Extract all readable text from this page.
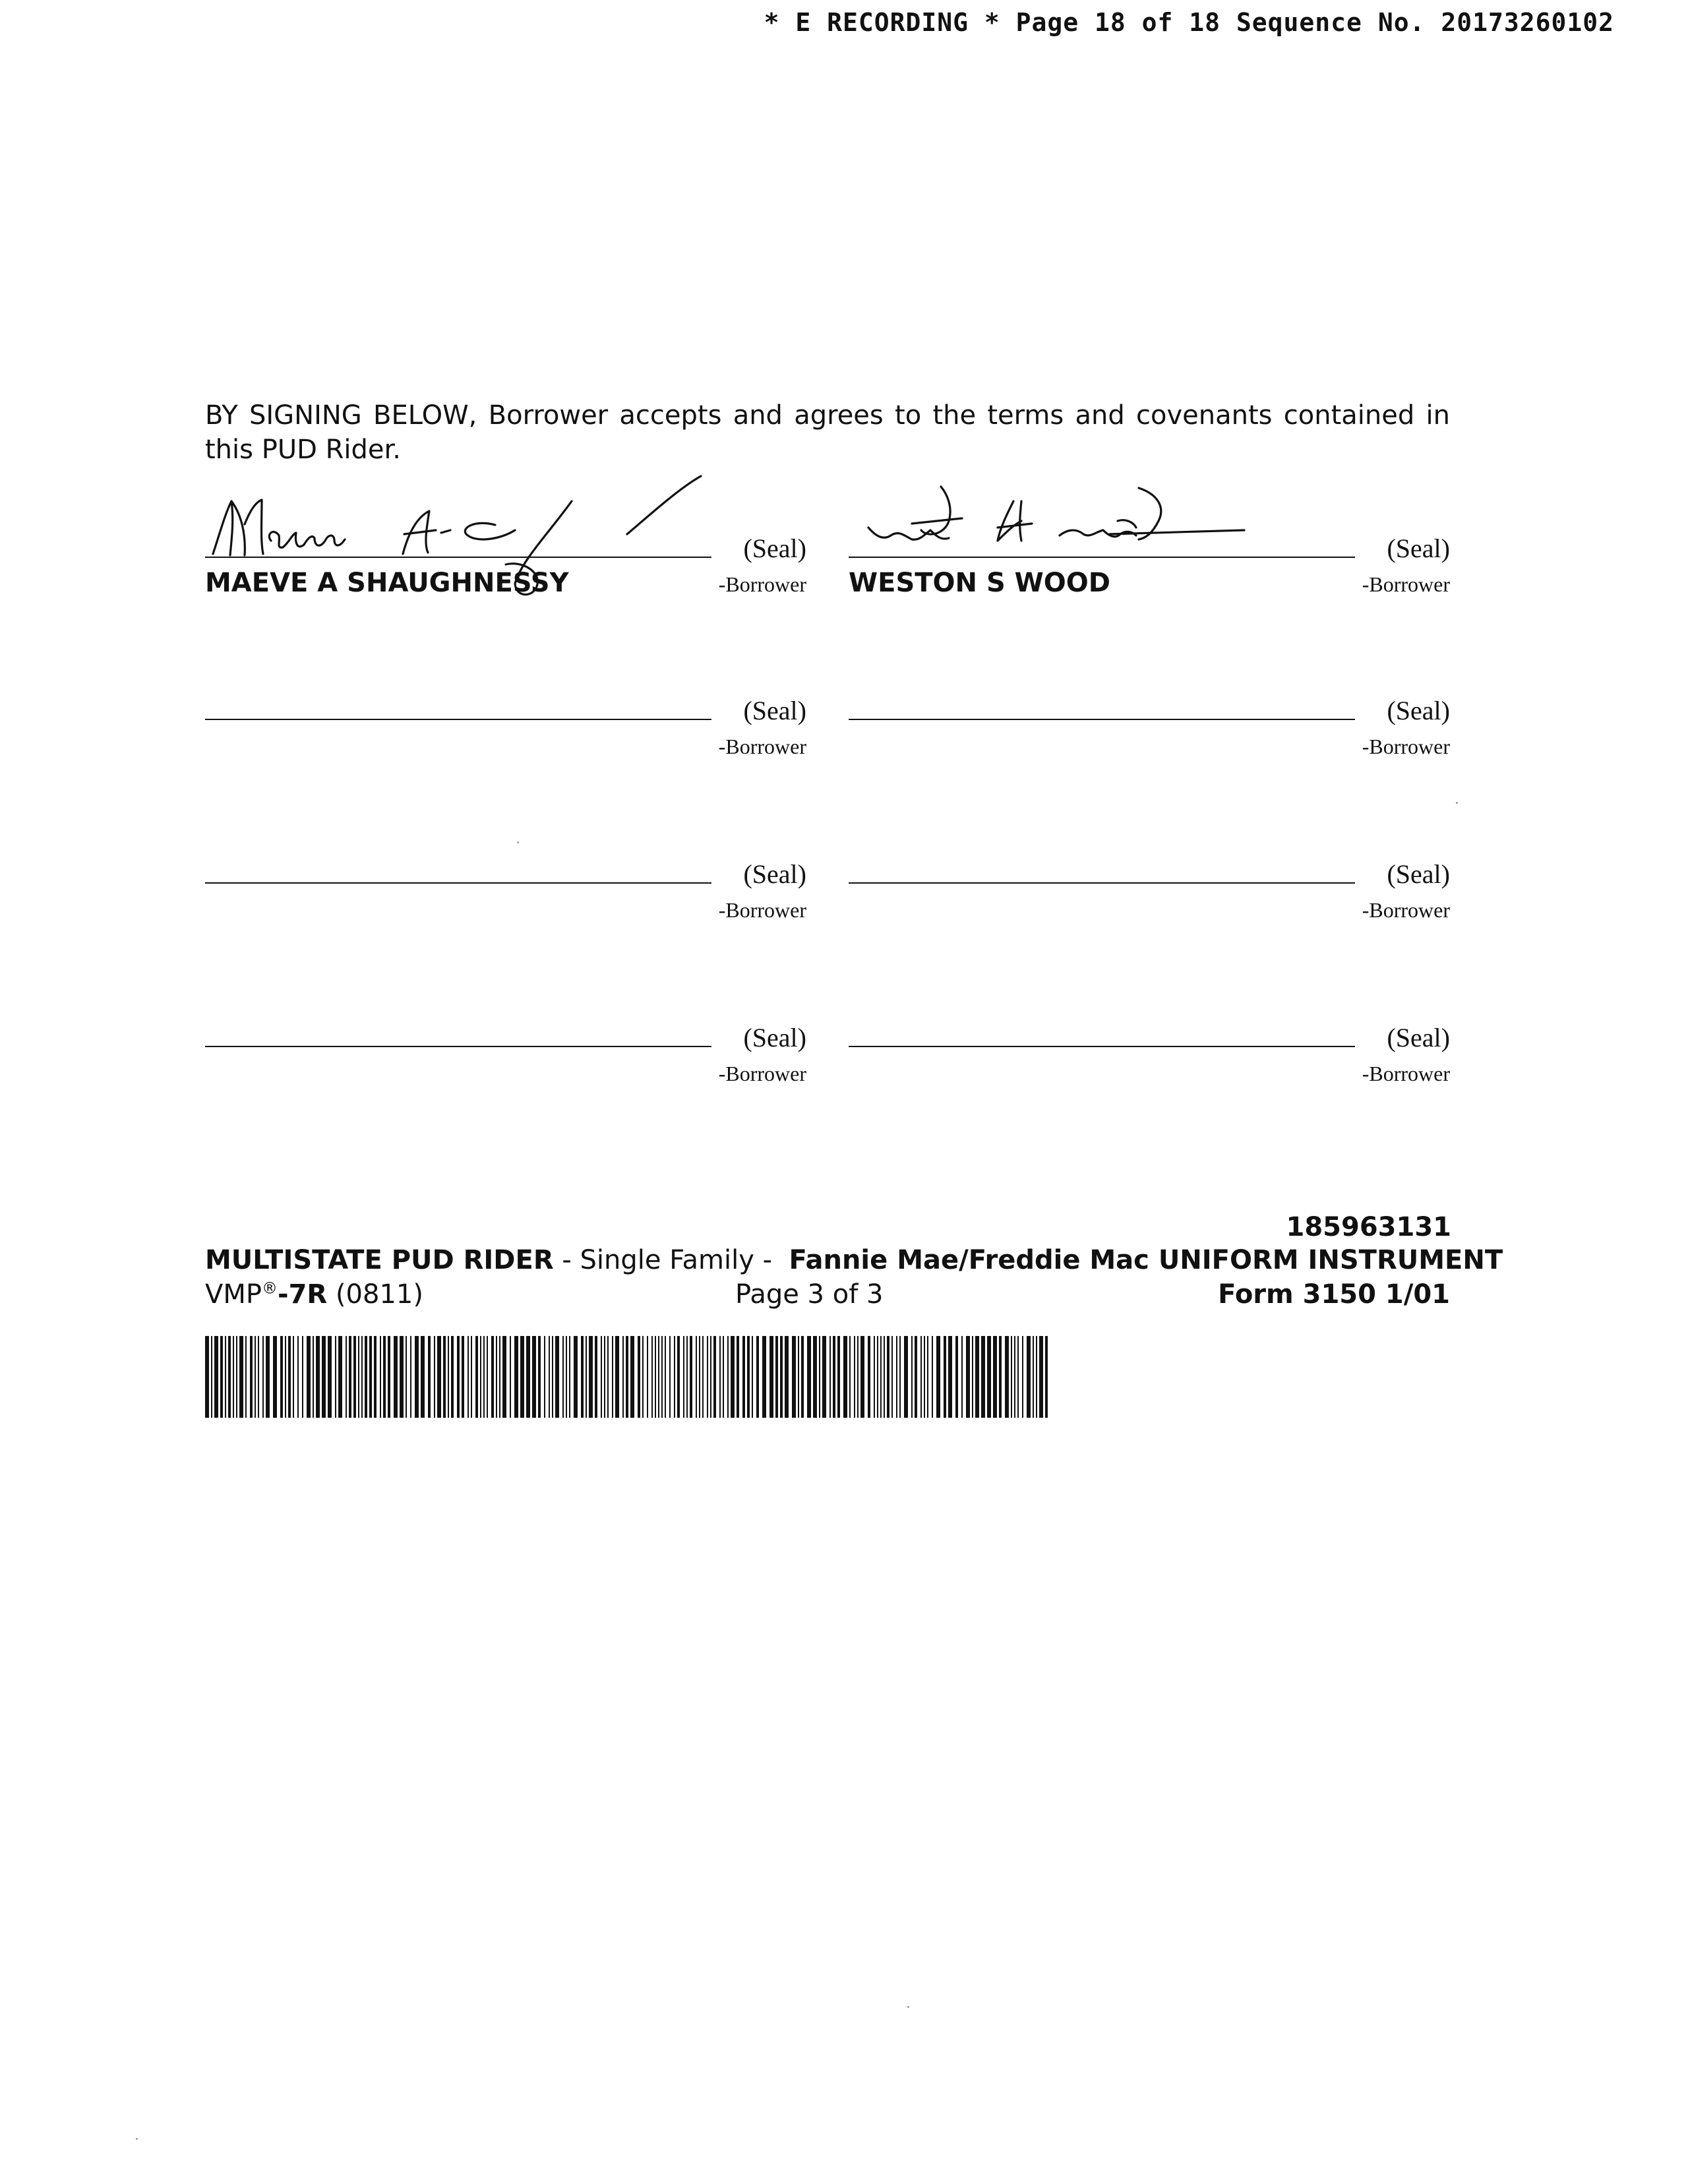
* E RECORDING * Page 18 of 18 Sequence No. 20173260102
BY SIGNING BELOW, Borrower accepts and agrees to the terms and covenants contained in this PUD Rider.
(Seal)
-Borrower
MAEVE A SHAUGHNESSY
(Seal)
-Borrower
WESTON S WOOD
(Seal)
-Borrower
(Seal)
-Borrower
(Seal)
-Borrower
(Seal)
-Borrower
(Seal)
-Borrower
(Seal)
-Borrower
185963131
MULTISTATE PUD RIDER - Single Family -  Fannie Mae/Freddie Mac UNIFORM INSTRUMENT
VMP®-7R (0811)	Page 3 of 3	Form 3150 1/01
